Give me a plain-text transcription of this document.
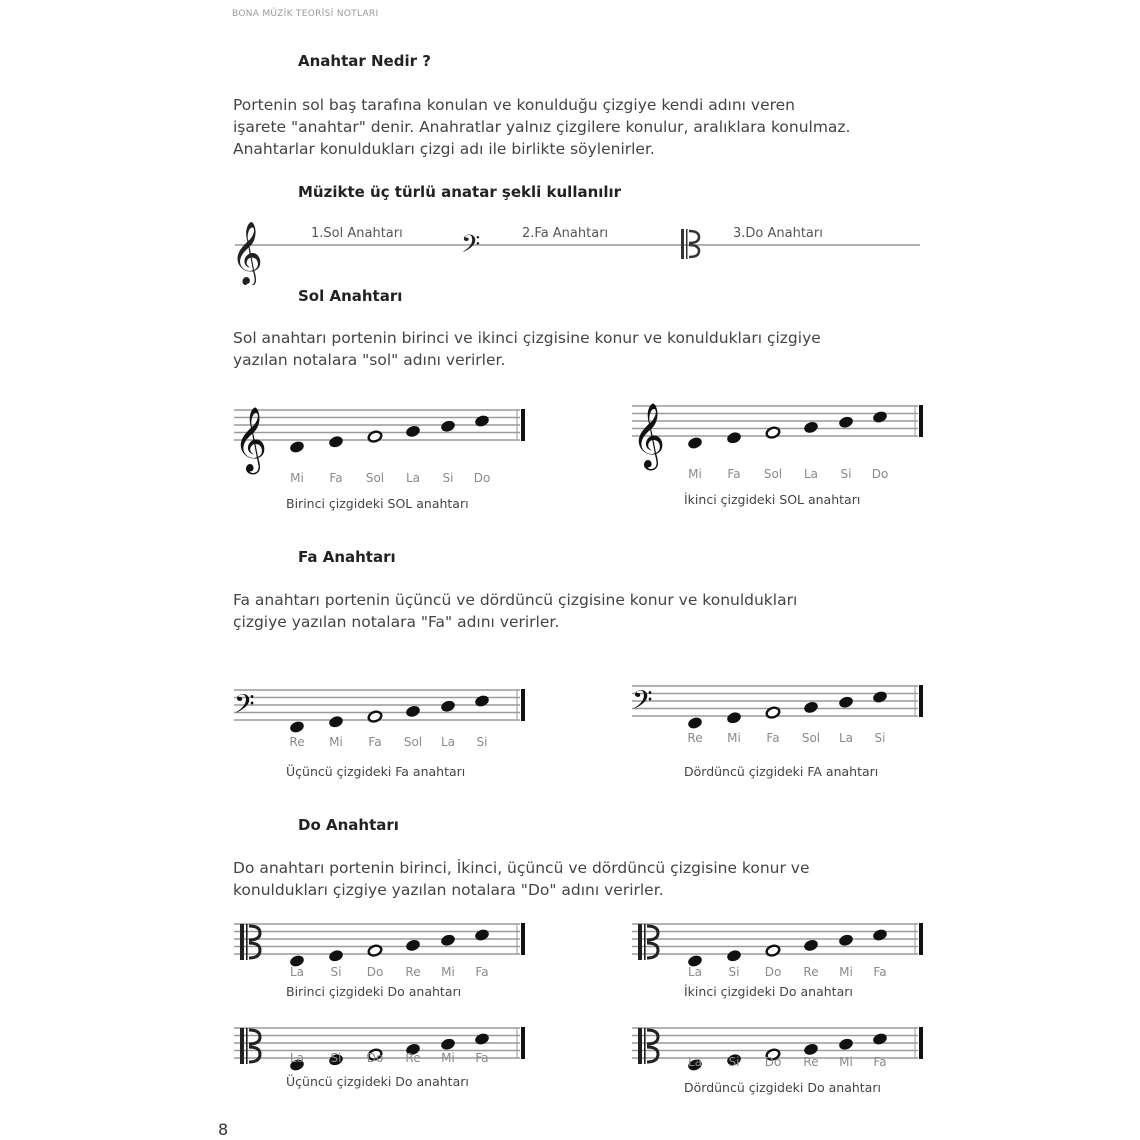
BONA MÜZİK TEORİSİ NOTLARI
Anahtar Nedir ?
Portenin sol baş tarafına konulan ve konulduğu çizgiye kendi adını veren
işarete "anahtar" denir. Anahratlar yalnız çizgilere konulur, aralıklara konulmaz.
Anahtarlar konuldukları çizgi adı ile birlikte söylenirler.
Müzikte üç türlü anatar şekli kullanılır
𝄞	1.Sol Anahtarı 𝄢	2.Fa Anahtarı	3.Do Anahtarı
Sol Anahtarı
Sol anahtarı portenin birinci ve ikinci çizgisine konur ve konuldukları çizgiye
yazılan notalara "sol" adını verirler.
𝄞
Mi Fa Sol La Si Do
Birinci çizgideki SOL anahtarı
𝄞
Mi Fa Sol La Si Do
İkinci çizgideki SOL anahtarı
Fa Anahtarı
Fa anahtarı portenin üçüncü ve dördüncü çizgisine konur ve konuldukları
çizgiye yazılan notalara "Fa" adını verirler.
𝄢
Re Mi Fa Sol La Si
Üçüncü çizgideki Fa anahtarı
𝄢
Re Mi Fa Sol La Si
Dördüncü çizgideki FA anahtarı
Do Anahtarı
Do anahtarı portenin birinci, İkinci, üçüncü ve dördüncü çizgisine konur ve
konuldukları çizgiye yazılan notalara "Do" adını verirler.
La Si Do Re Mi Fa
Birinci çizgideki Do anahtarı
La Si Do Re Mi Fa
İkinci çizgideki Do anahtarı
La Si Do Re Mi Fa
Üçüncü çizgideki Do anahtarı
La Si Do Re Mi Fa
Dördüncü çizgideki Do anahtarı
8
